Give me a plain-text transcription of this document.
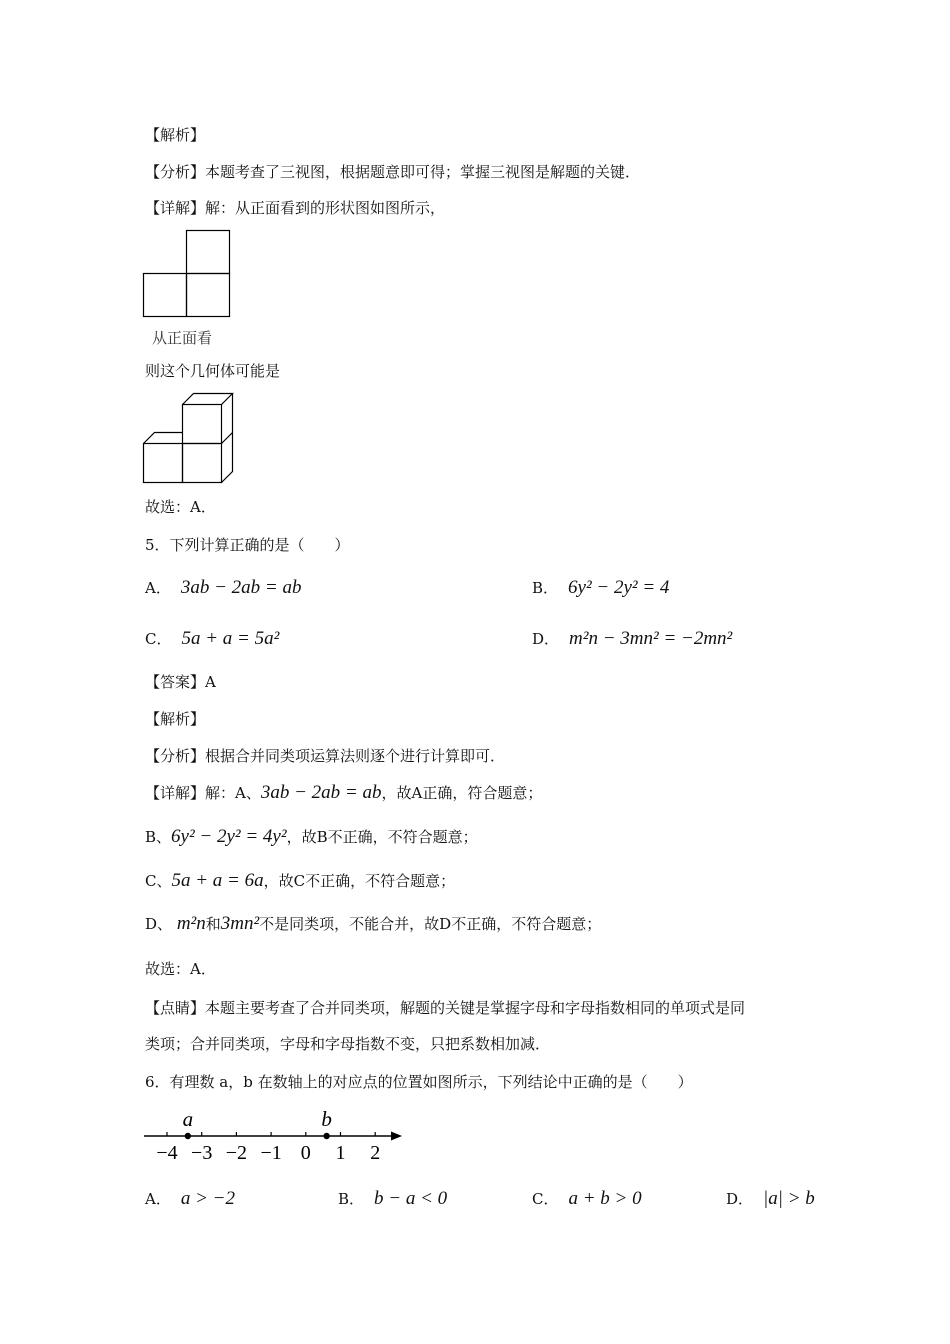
【解析】
【分析】本题考查了三视图，根据题意即可得；掌握三视图是解题的关键．
【详解】解：从正面看到的形状图如图所示，
从正面看
则这个几何体可能是
故选：A．
5．下列计算正确的是（　　）
A． 3ab − 2ab = ab	B． 6y² − 2y² = 4
C． 5a + a = 5a²	D． m²n − 3mn² = −2mn²
【答案】A
【解析】
【分析】根据合并同类项运算法则逐个进行计算即可．
【详解】解：A、3ab − 2ab = ab，故A正确，符合题意；
B、6y² − 2y² = 4y²，故B不正确，不符合题意；
C、5a + a = 6a，故C不正确，不符合题意；
D、 m²n和3mn²不是同类项，不能合并，故D不正确，不符合题意；
故选：A．
【点睛】本题主要考查了合并同类项，解题的关键是掌握字母和字母指数相同的单项式是同
类项；合并同类项，字母和字母指数不变，只把系数相加减．
6．有理数 a，b 在数轴上的对应点的位置如图所示，下列结论中正确的是（　　）
−4 −3 −2 −1 0 1 2
a	b
A． a > −2	B． b − a < 0	C． a + b > 0	D． |a| > b
